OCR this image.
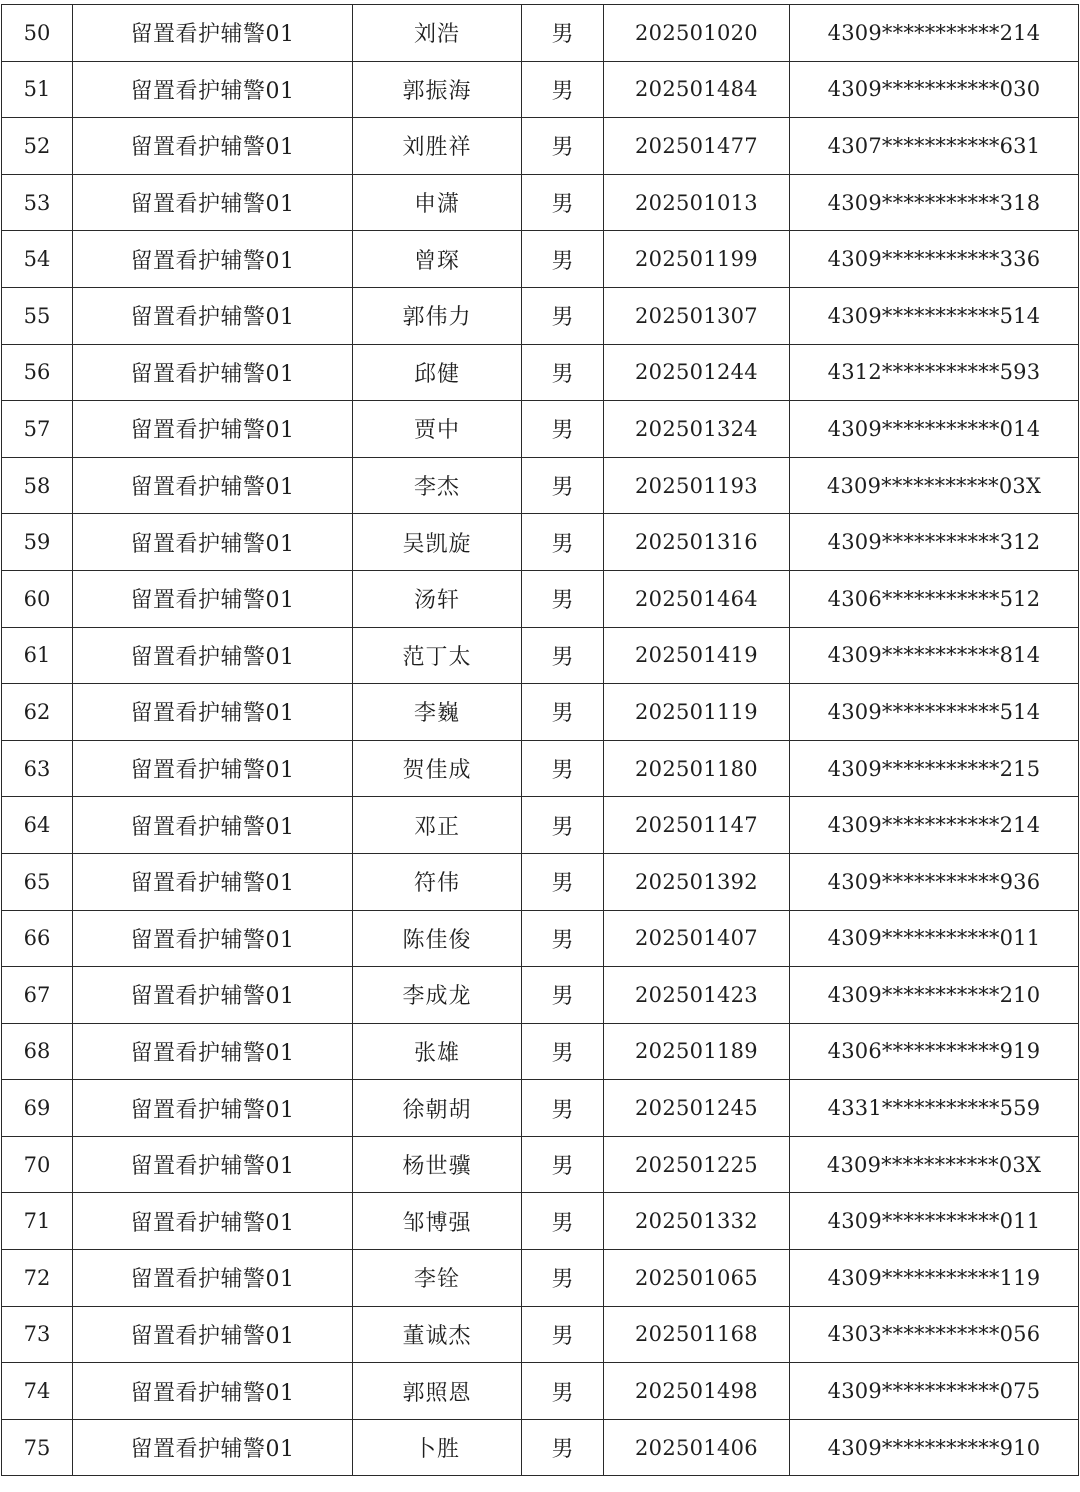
50	留置看护辅警01	刘浩	男	202501020	4309***********214
51	留置看护辅警01	郭振海	男	202501484	4309***********030
52	留置看护辅警01	刘胜祥	男	202501477	4307***********631
53	留置看护辅警01	申潇	男	202501013	4309***********318
54	留置看护辅警01	曾琛	男	202501199	4309***********336
55	留置看护辅警01	郭伟力	男	202501307	4309***********514
56	留置看护辅警01	邱健	男	202501244	4312***********593
57	留置看护辅警01	贾中	男	202501324	4309***********014
58	留置看护辅警01	李杰	男	202501193	4309***********03X
59	留置看护辅警01	吴凯旋	男	202501316	4309***********312
60	留置看护辅警01	汤轩	男	202501464	4306***********512
61	留置看护辅警01	范丁太	男	202501419	4309***********814
62	留置看护辅警01	李巍	男	202501119	4309***********514
63	留置看护辅警01	贺佳成	男	202501180	4309***********215
64	留置看护辅警01	邓正	男	202501147	4309***********214
65	留置看护辅警01	符伟	男	202501392	4309***********936
66	留置看护辅警01	陈佳俊	男	202501407	4309***********011
67	留置看护辅警01	李成龙	男	202501423	4309***********210
68	留置看护辅警01	张雄	男	202501189	4306***********919
69	留置看护辅警01	徐朝胡	男	202501245	4331***********559
70	留置看护辅警01	杨世骥	男	202501225	4309***********03X
71	留置看护辅警01	邹博强	男	202501332	4309***********011
72	留置看护辅警01	李铨	男	202501065	4309***********119
73	留置看护辅警01	董诚杰	男	202501168	4303***********056
74	留置看护辅警01	郭照恩	男	202501498	4309***********075
75	留置看护辅警01	卜胜	男	202501406	4309***********910
